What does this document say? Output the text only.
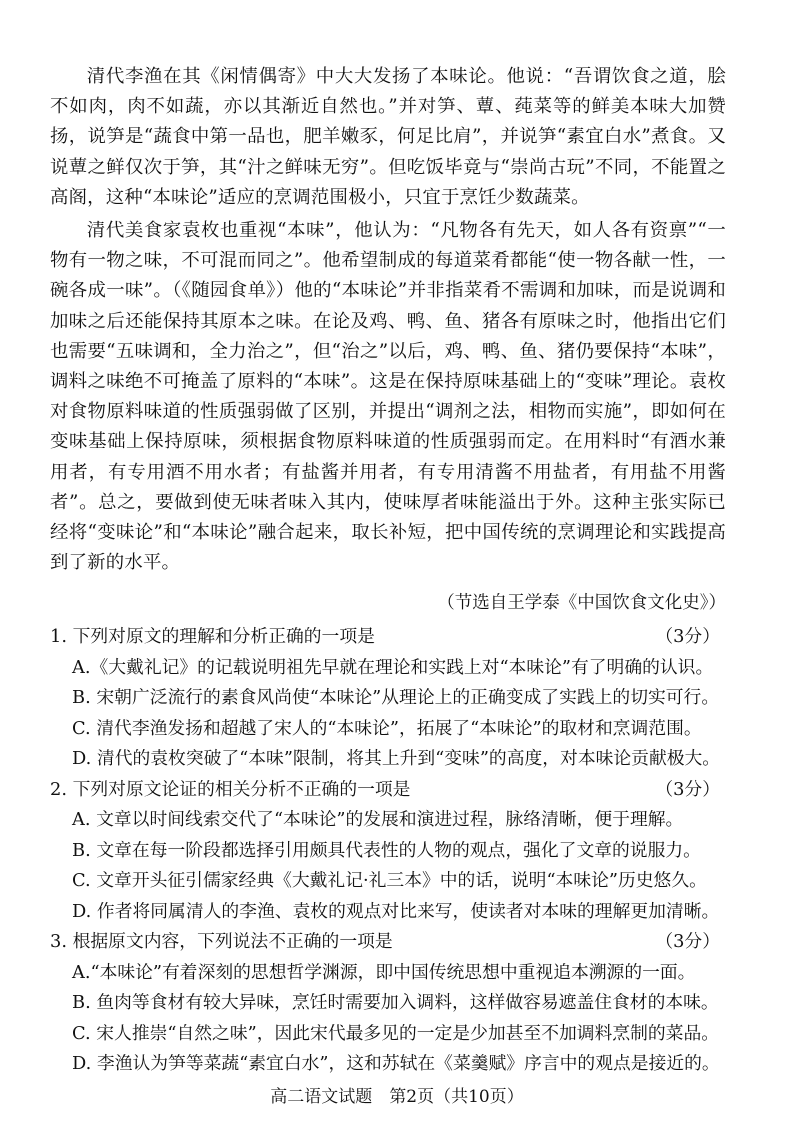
清代李渔在其《闲情偶寄》中大大发扬了本味论。他说：“吾谓饮食之道，脍不如肉，肉不如蔬，亦以其渐近自然也。”并对笋、蕈、莼菜等的鲜美本味大加赞扬，说笋是“蔬食中第一品也，肥羊嫩豕，何足比肩”，并说笋“素宜白水”煮食。又说蕈之鲜仅次于笋，其“汁之鲜味无穷”。但吃饭毕竟与“崇尚古玩”不同，不能置之高阁，这种“本味论”适应的烹调范围极小，只宜于烹饪少数蔬菜。

清代美食家袁枚也重视“本味”，他认为：“凡物各有先天，如人各有资禀”“一物有一物之味，不可混而同之”。他希望制成的每道菜肴都能“使一物各献一性，一碗各成一味”。（《随园食单》）他的“本味论”并非指菜肴不需调和加味，而是说调和加味之后还能保持其原本之味。在论及鸡、鸭、鱼、猪各有原味之时，他指出它们也需要“五味调和，全力治之”，但“治之”以后，鸡、鸭、鱼、猪仍要保持“本味”，调料之味绝不可掩盖了原料的“本味”。这是在保持原味基础上的“变味”理论。袁枚对食物原料味道的性质强弱做了区别，并提出“调剂之法，相物而实施”，即如何在变味基础上保持原味，须根据食物原料味道的性质强弱而定。在用料时“有酒水兼用者，有专用酒不用水者；有盐酱并用者，有专用清酱不用盐者，有用盐不用酱者”。总之，要做到使无味者味入其内，使味厚者味能溢出于外。这种主张实际已经将“变味论”和“本味论”融合起来，取长补短，把中国传统的烹调理论和实践提高到了新的水平。

（节选自王学泰《中国饮食文化史》）
1. 下列对原文的理解和分析正确的一项是	（3分）
A.《大戴礼记》的记载说明祖先早就在理论和实践上对“本味论”有了明确的认识。
B. 宋朝广泛流行的素食风尚使“本味论”从理论上的正确变成了实践上的切实可行。
C. 清代李渔发扬和超越了宋人的“本味论”，拓展了“本味论”的取材和烹调范围。
D. 清代的袁枚突破了“本味”限制，将其上升到“变味”的高度，对本味论贡献极大。
2. 下列对原文论证的相关分析不正确的一项是	（3分）
A. 文章以时间线索交代了“本味论”的发展和演进过程，脉络清晰，便于理解。
B. 文章在每一阶段都选择引用颇具代表性的人物的观点，强化了文章的说服力。
C. 文章开头征引儒家经典《大戴礼记·礼三本》中的话，说明“本味论”历史悠久。
D. 作者将同属清人的李渔、袁枚的观点对比来写，使读者对本味的理解更加清晰。
3. 根据原文内容，下列说法不正确的一项是	（3分）
A.“本味论”有着深刻的思想哲学渊源，即中国传统思想中重视追本溯源的一面。
B. 鱼肉等食材有较大异味，烹饪时需要加入调料，这样做容易遮盖住食材的本味。
C. 宋人推崇“自然之味”，因此宋代最多见的一定是少加甚至不加调料烹制的菜品。
D. 李渔认为笋等菜蔬“素宜白水”，这和苏轼在《菜羹赋》序言中的观点是接近的。
高二语文试题　第2页（共10页）
